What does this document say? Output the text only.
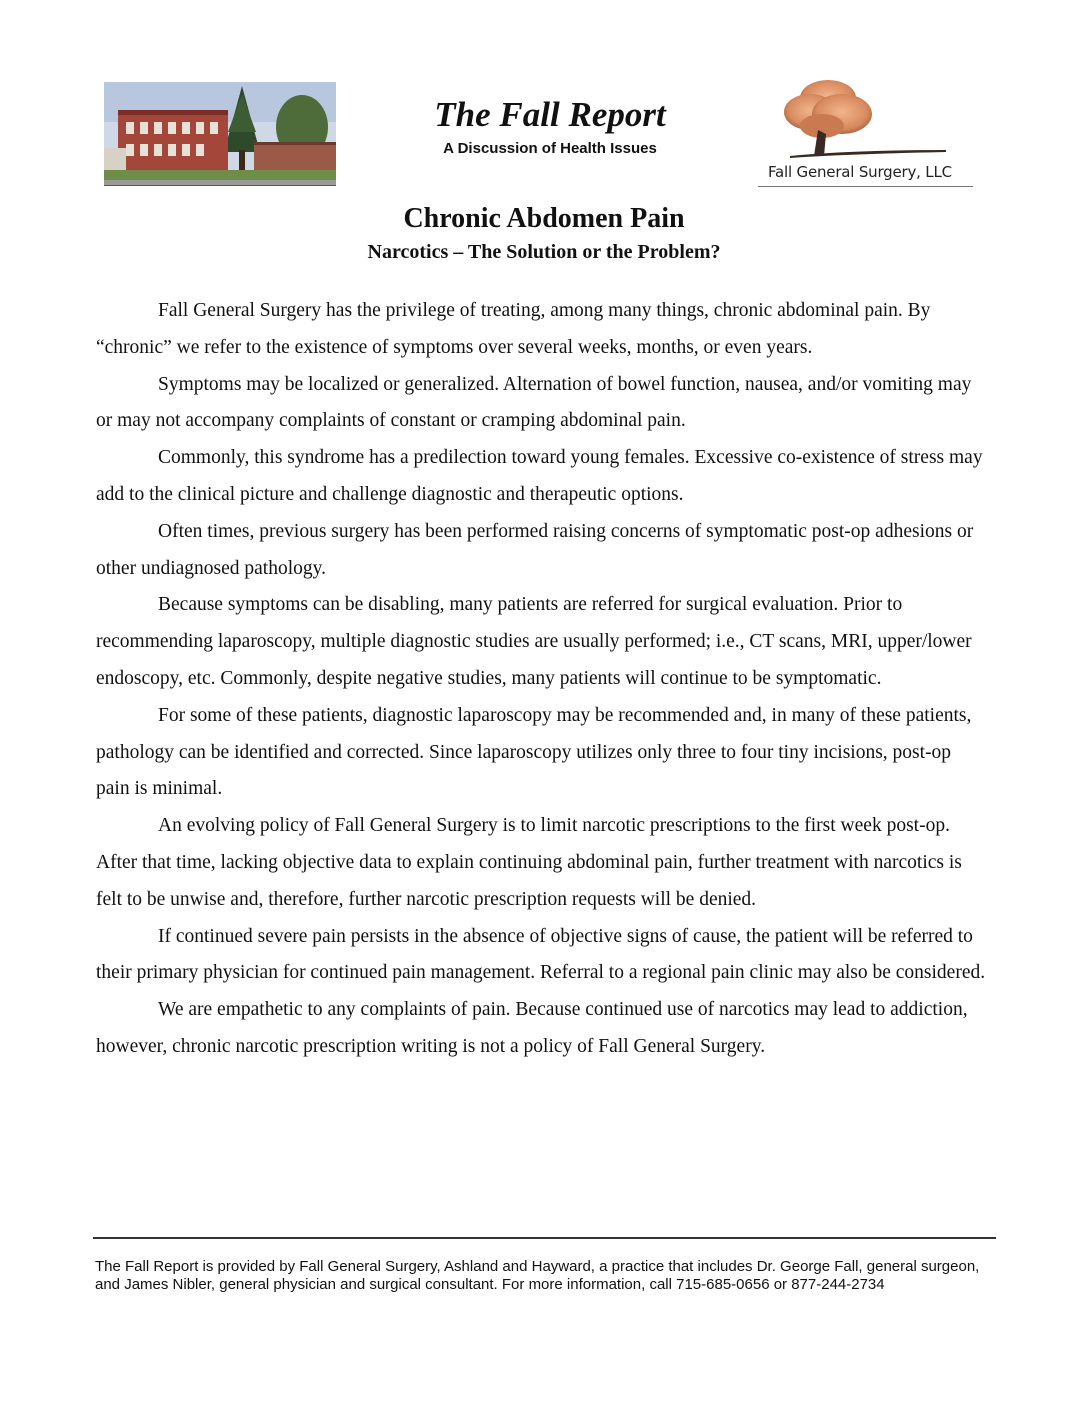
The Fall Report
A Discussion of Health Issues
Fall General Surgery, LLC
Chronic Abdomen Pain
Narcotics – The Solution or the Problem?

Fall General Surgery has the privilege of treating, among many things, chronic abdominal pain. By “chronic” we refer to the existence of symptoms over several weeks, months, or even years.

Symptoms may be localized or generalized. Alternation of bowel function, nausea, and/or vomiting may or may not accompany complaints of constant or cramping abdominal pain.

Commonly, this syndrome has a predilection toward young females. Excessive co-existence of stress may add to the clinical picture and challenge diagnostic and therapeutic options.

Often times, previous surgery has been performed raising concerns of symptomatic post-op adhesions or other undiagnosed pathology.

Because symptoms can be disabling, many patients are referred for surgical evaluation. Prior to recommending laparoscopy, multiple diagnostic studies are usually performed; i.e., CT scans, MRI, upper/lower endoscopy, etc. Commonly, despite negative studies, many patients will continue to be symptomatic.

For some of these patients, diagnostic laparoscopy may be recommended and, in many of these patients, pathology can be identified and corrected. Since laparoscopy utilizes only three to four tiny incisions, post-op pain is minimal.

An evolving policy of Fall General Surgery is to limit narcotic prescriptions to the first week post-op. After that time, lacking objective data to explain continuing abdominal pain, further treatment with narcotics is felt to be unwise and, therefore, further narcotic prescription requests will be denied.

If continued severe pain persists in the absence of objective signs of cause, the patient will be referred to their primary physician for continued pain management. Referral to a regional pain clinic may also be considered.

We are empathetic to any complaints of pain. Because continued use of narcotics may lead to addiction, however, chronic narcotic prescription writing is not a policy of Fall General Surgery.

The Fall Report is provided by Fall General Surgery, Ashland and Hayward, a practice that includes Dr. George Fall, general surgeon, and James Nibler, general physician and surgical consultant. For more information, call 715-685-0656 or 877-244-2734
